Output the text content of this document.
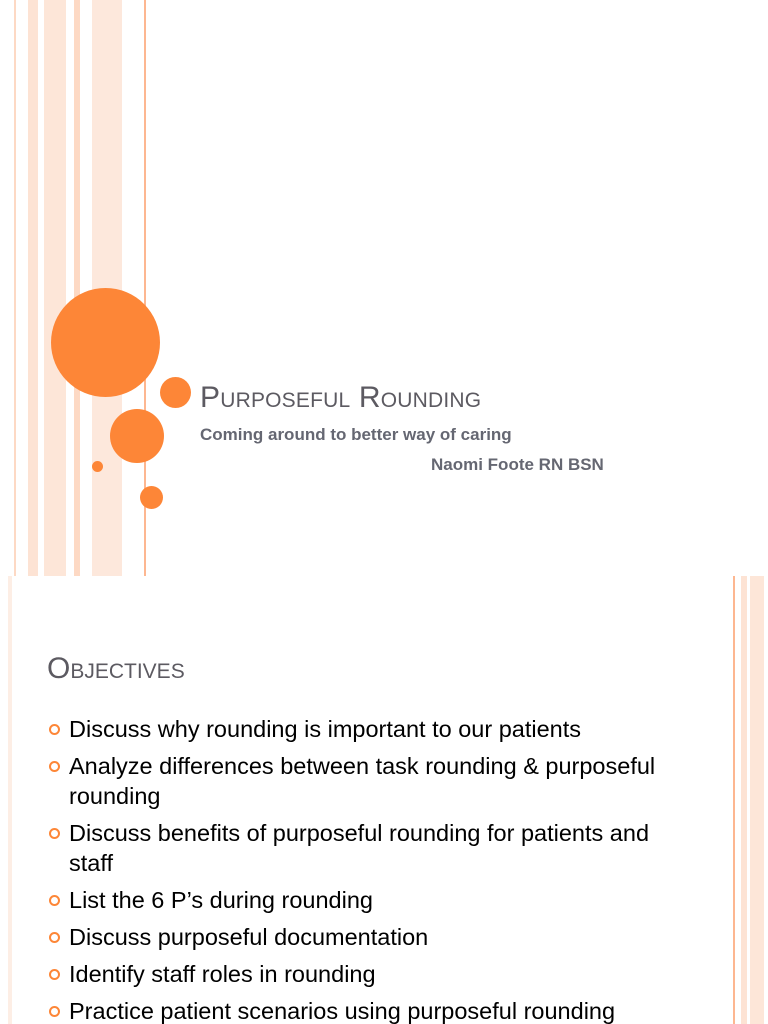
Purposeful Rounding
Coming around to better way of caring
Naomi Foote RN BSN
Objectives
Discuss why rounding is important to our patients
Analyze differences between task rounding & purposeful rounding
Discuss benefits of purposeful rounding for patients and staff
List the 6 P’s during rounding
Discuss purposeful documentation
Identify staff roles in rounding
Practice patient scenarios using purposeful rounding
